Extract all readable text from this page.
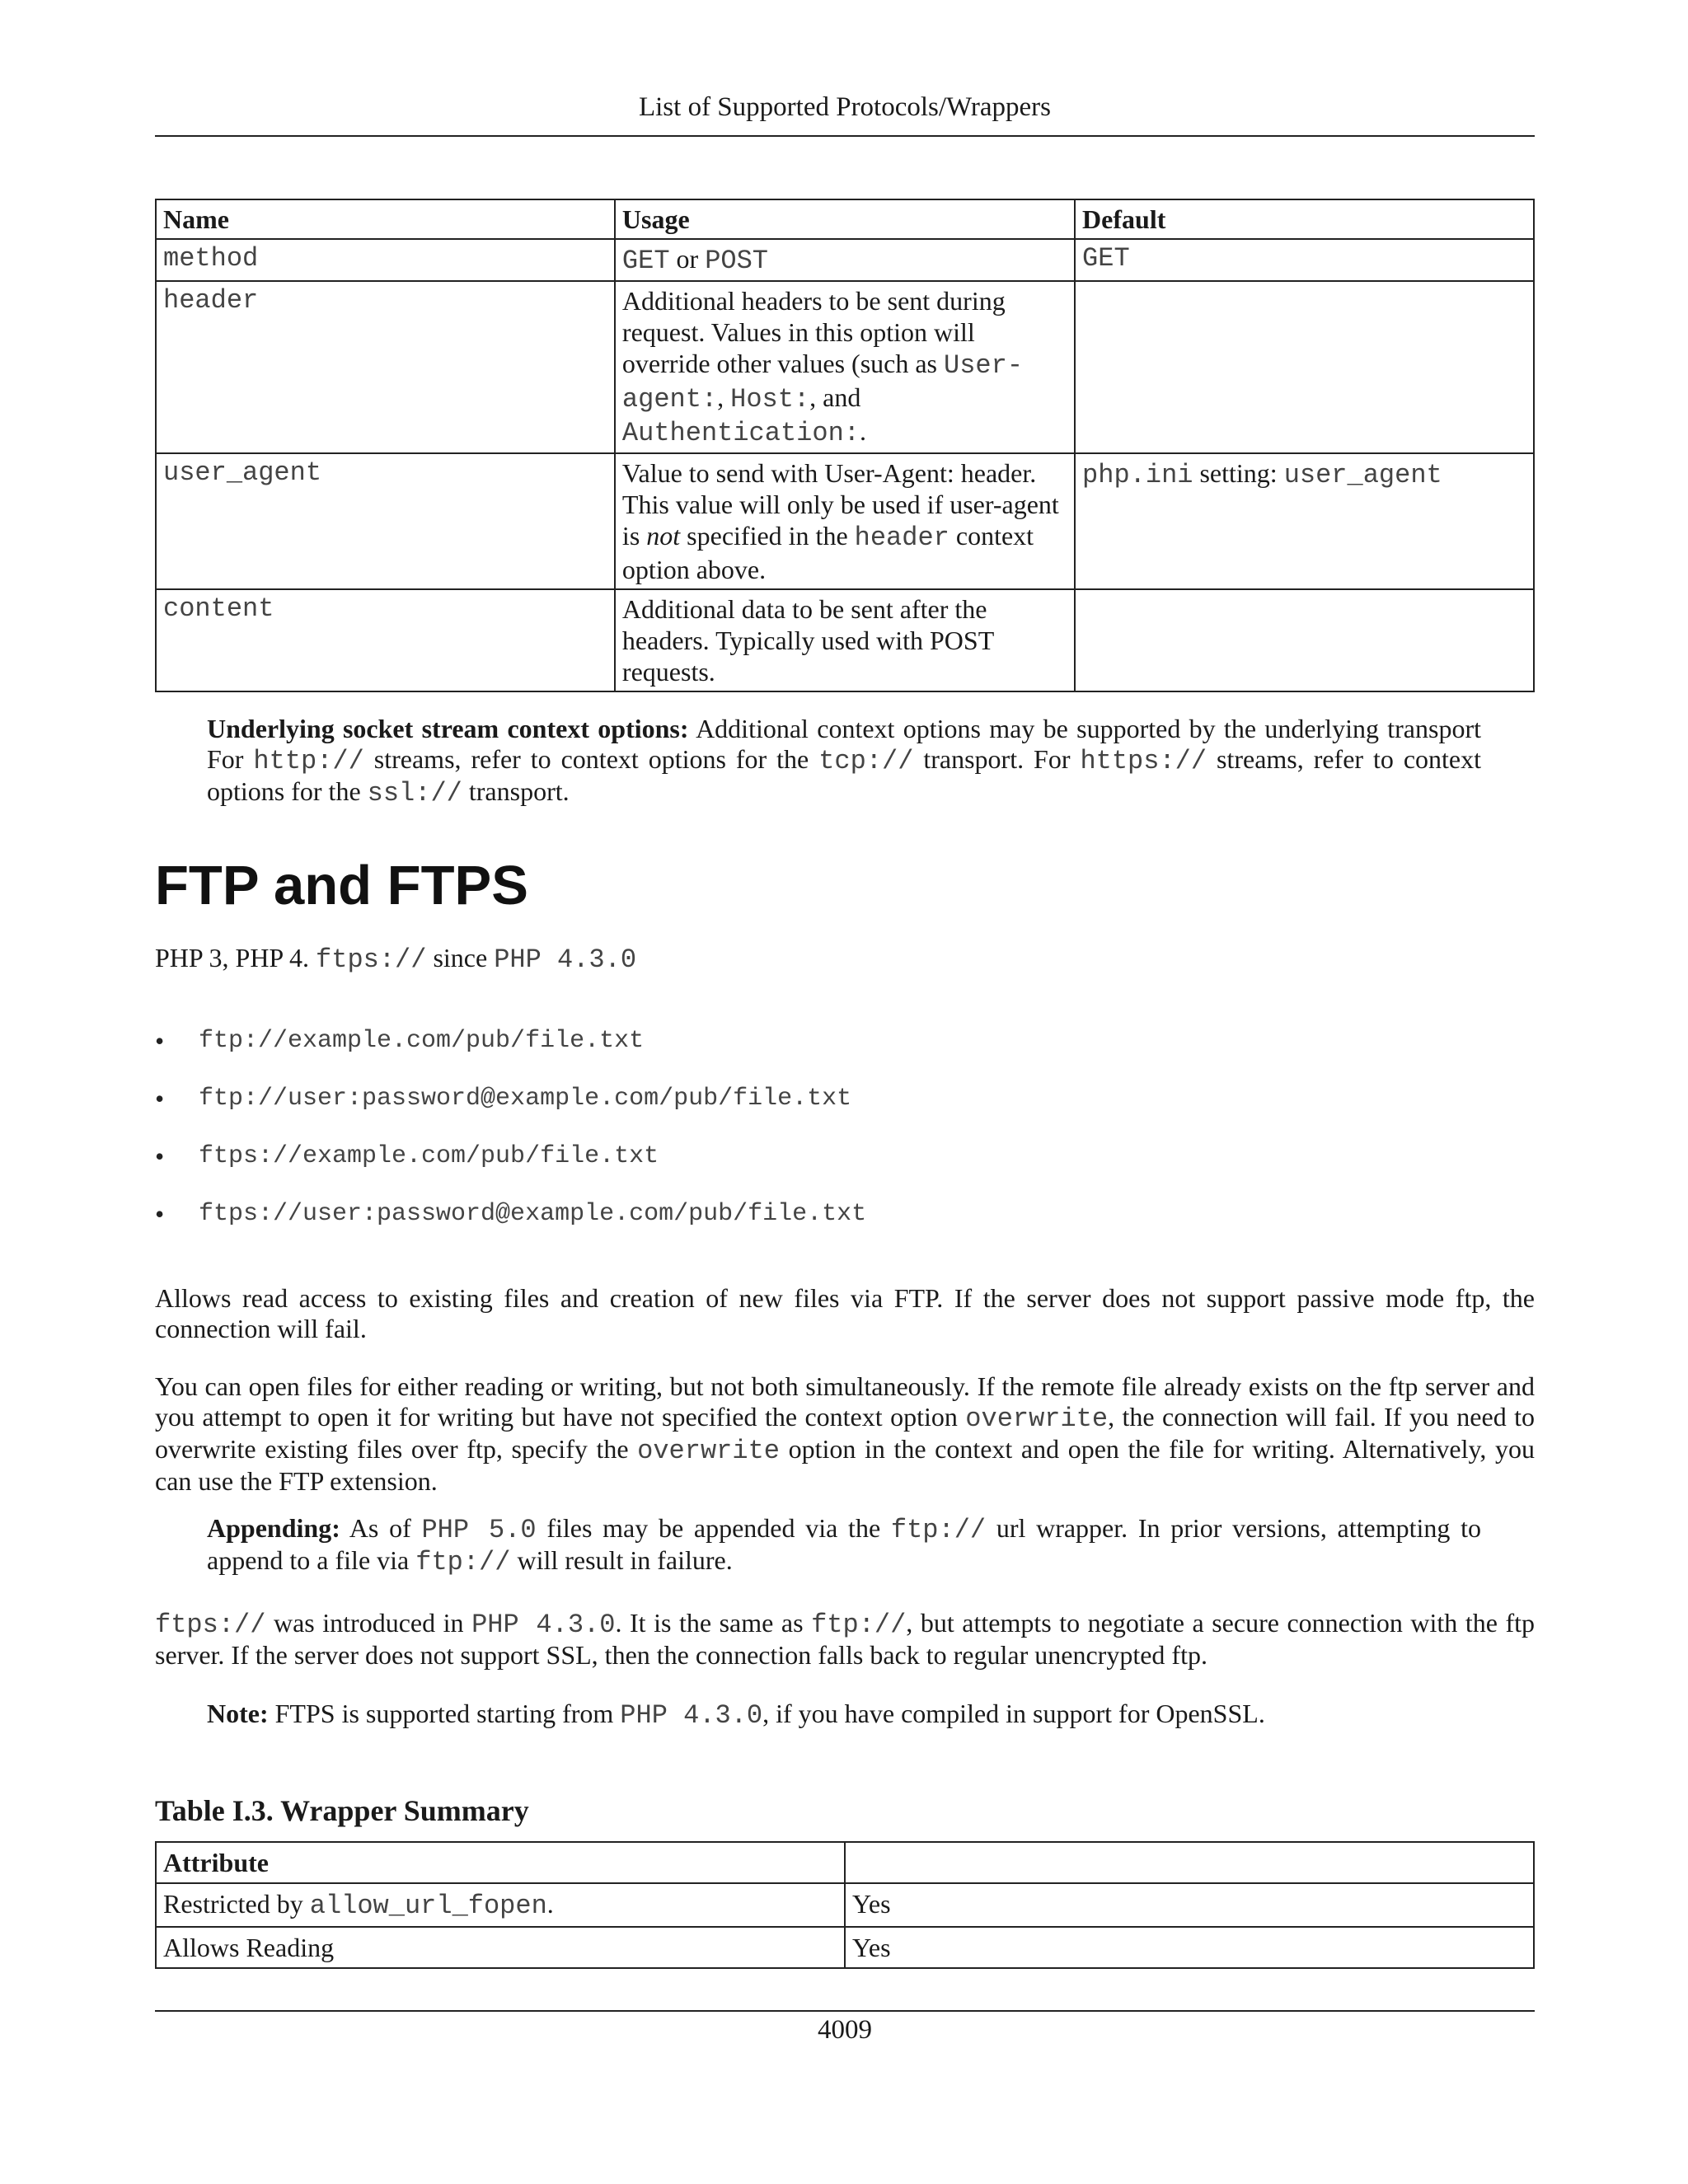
List of Supported Protocols/Wrappers
Name	Usage	Default
method	GET or POST	GET
header	Additional headers to be sent during request. Values in this option will override other values (such as User-agent:, Host:, and Authentication:.	
user_agent	Value to send with User-Agent: header. This value will only be used if user-agent is not specified in the header context option above.	php.ini setting: user_agent
content	Additional data to be sent after the headers. Typically used with POST requests.	

Underlying socket stream context options: Additional context options may be supported by the underlying transport For http:// streams, refer to context options for the tcp:// transport. For https:// streams, refer to context options for the ssl:// transport.

FTP and FTPS

PHP 3, PHP 4. ftps:// since PHP 4.3.0

• ftp://example.com/pub/file.txt
• ftp://user:password@example.com/pub/file.txt
• ftps://example.com/pub/file.txt
• ftps://user:password@example.com/pub/file.txt

Allows read access to existing files and creation of new files via FTP. If the server does not support passive mode ftp, the connection will fail.

You can open files for either reading or writing, but not both simultaneously. If the remote file already exists on the ftp server and you attempt to open it for writing but have not specified the context option overwrite, the connection will fail. If you need to overwrite existing files over ftp, specify the overwrite option in the context and open the file for writing. Alternatively, you can use the FTP extension.

Appending: As of PHP 5.0 files may be appended via the ftp:// url wrapper. In prior versions, attempting to append to a file via ftp:// will result in failure.

ftps:// was introduced in PHP 4.3.0. It is the same as ftp://, but attempts to negotiate a secure connection with the ftp server. If the server does not support SSL, then the connection falls back to regular unencrypted ftp.

Note: FTPS is supported starting from PHP 4.3.0, if you have compiled in support for OpenSSL.

Table I.3. Wrapper Summary
Attribute	
Restricted by allow_url_fopen.	Yes
Allows Reading	Yes
4009
